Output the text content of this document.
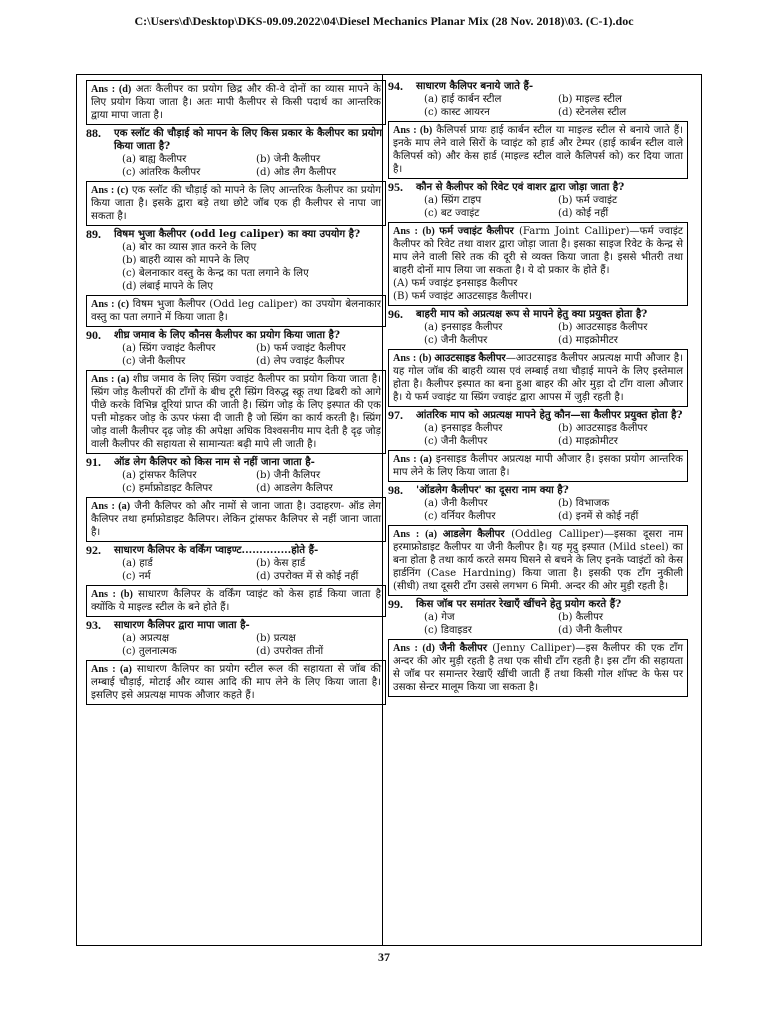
C:\Users\d\Desktop\DKS-09.09.2022\04\Diesel Mechanics Planar Mix (28 Nov. 2018)\03. (C-1).doc
Ans : (d) अतः कैलीपर का प्रयोग छिद्र और की-वे दोनों का व्यास मापने के लिए प्रयोग किया जाता है। अतः मापी कैलीपर से किसी पदार्थ का आन्तरिक द्वाया मापा जाता है।
88.	एक स्लॉट की चौड़ाई को मापन के लिए किस प्रकार के कैलीपर का प्रयोग किया जाता है?
(a) बाह्य कैलीपर	(b) जेनी कैलीपर
(c) आंतरिक कैलीपर	(d) ओड लैग कैलीपर
Ans : (c) एक स्लॉट की चौड़ाई को मापने के लिए आन्तरिक कैलीपर का प्रयोग किया जाता है। इसके द्वारा बड़े तथा छोटे जॉब एक ही कैलीपर से नापा जा सकता है।
89.	विषम भुजा कैलीपर (odd leg caliper) का क्या उपयोग है?
(a) बोर का व्यास ज्ञात करने के लिए
(b) बाहरी व्यास को मापने के लिए
(c) बेलनाकार वस्तु के केन्द्र का पता लगाने के लिए
(d) लंबाई मापने के लिए
Ans : (c) विषम भुजा कैलीपर (Odd leg caliper) का उपयोग बेलनाकार वस्तु का पता लगाने में किया जाता है।
90.	शीघ्र जमाव के लिए कौनस कैलीपर का प्रयोग किया जाता है?
(a) स्प्रिंग ज्वाइंट कैलीपर	(b) फर्म ज्वाइंट कैलीपर
(c) जेनी कैलीपर	(d) लेप ज्वाइंट कैलीपर
Ans : (a) शीघ्र जमाव के लिए स्प्रिंग ज्वाइंट कैलीपर का प्रयोग किया जाता है। स्प्रिंग जोड़ कैलीपरों की टाँगों के बीच टूरी स्प्रिंग विरुद्ध स्क्रू तथा ढिबरी को आगे पीछे करके विभिन्न दूरियां प्राप्त की जाती है। स्प्रिंग जोड़ के लिए इस्पात की एक पत्ती मोड़कर जोड़ के ऊपर फंसा दी जाती है जो स्प्रिंग का कार्य करती है। स्प्रिंग जोड़ वाली कैलीपर दृढ़ जोड़ की अपेक्षा अधिक विश्वसनीय माप देती है दृढ़ जोड़ वाली कैलीपर की सहायता से सामान्यतः बढ़ी मापे ली जाती है।
91.	ऑड लेग कैलिपर को किस नाम से नहीं जाना जाता है-
(a) ट्रांसफर कैलिपर	(b) जैनी कैलिपर
(c) हर्माफ्रोडाइट कैलिपर	(d) आडलेग कैलिपर
Ans : (a) जैनी कैलिपर को और नामों से जाना जाता है। उदाहरण- ऑड लेग कैलिपर तथा हर्माफ्रोडाइट कैलिपर। लेकिन ट्रांसफर कैलिपर से नहीं जाना जाता है।
92.	साधारण कैलिपर के वर्किंग प्वाइण्ट..............होते हैं-
(a) हार्ड	(b) केस हार्ड
(c) नर्म	(d) उपरोक्त में से कोई नहीं
Ans : (b) साधारण कैलिपर के वर्किंग प्वाइंट को केस हार्ड किया जाता है क्योंकि ये माइल्ड स्टील के बने होते हैं।
93.	साधारण कैलिपर द्वारा मापा जाता है-
(a) अप्रत्यक्ष	(b) प्रत्यक्ष
(c) तुलनात्मक	(d) उपरोक्त तीनों
Ans : (a) साधारण कैलिपर का प्रयोग स्टील रूल की सहायता से जॉब की लम्बाई चौड़ाई, मोटाई और व्यास आदि की माप लेने के लिए किया जाता है। इसलिए इसे अप्रत्यक्ष मापक औजार कहते हैं।
94.	साधारण कैलिपर बनाये जाते हैं-
(a) हाई कार्बन स्टील	(b) माइल्ड स्टील
(c) कास्ट आयरन	(d) स्टेनलेस स्टील
Ans : (b) कैलिपर्स प्रायः हाई कार्बन स्टील या माइल्ड स्टील से बनाये जाते हैं। इनके माप लेने वाले सिरों के प्वाइंट को हार्ड और टेम्पर (हाई कार्बन स्टील वाले कैलिपर्स को) और केस हार्ड (माइल्ड स्टील वाले कैलिपर्स को) कर दिया जाता है।
95.	कौन से कैलीपर को रिवेट एवं वाशर द्वारा जोड़ा जाता है?
(a) स्प्रिंग टाइप	(b) फर्म ज्वाइंट
(c) बट ज्वाइंट	(d) कोई नहीं
Ans : (b) फर्म ज्वाइंट कैलीपर (Farm Joint Calliper)—फर्म ज्वाइंट कैलीपर को रिवेट तथा वाशर द्वारा जोड़ा जाता है। इसका साइज रिवेट के केन्द्र से माप लेने वाली सिरे तक की दूरी से व्यक्त किया जाता है। इससे भीतरी तथा बाहरी दोनों माप लिया जा सकता है। ये दो प्रकार के होते हैं।
(A) फर्म ज्वाइंट इनसाइड कैलीपर
(B) फर्म ज्वाइंट आउटसाइड कैलीपर।
96.	बाहरी माप को अप्रत्यक्ष रूप से मापने हेतु क्या प्रयुक्त होता है?
(a) इनसाइड कैलीपर	(b) आउटसाइड कैलीपर
(c) जैनी कैलीपर	(d) माइक्रोमीटर
Ans : (b) आउटसाइड कैलीपर—आउटसाइड कैलीपर अप्रत्यक्ष मापी औजार है। यह गोल जॉब की बाहरी व्यास एवं लम्बाई तथा चौड़ाई मापने के लिए इस्तेमाल होता है। कैलीपर इस्पात का बना हुआ बाहर की ओर मुड़ा दो टाँग वाला औजार है। ये फर्म ज्वाइंट या स्प्रिंग ज्वाइंट द्वारा आपस में जुड़ी रहती है।
97.	आंतरिक माप को अप्रत्यक्ष मापने हेतु कौन—सा कैलीपर प्रयुक्त होता है?
(a) इनसाइड कैलीपर	(b) आउटसाइड कैलीपर
(c) जैनी कैलीपर	(d) माइक्रोमीटर
Ans : (a) इनसाइड कैलीपर अप्रत्यक्ष मापी औजार है। इसका प्रयोग आन्तरिक माप लेने के लिए किया जाता है।
98.	'ऑडलेग कैलीपर' का दूसरा नाम क्या है?
(a) जैनी कैलीपर	(b) विभाजक
(c) वर्नियर कैलीपर	(d) इनमें से कोई नहीं
Ans : (a) आडलेग कैलीपर (Oddleg Calliper)—इसका दूसरा नाम हरमाफ्रोडाइट कैलीपर या जैनी कैलीपर है। यह मृदु इस्पात (Mild steel) का बना होता है तथा कार्य करते समय घिसने से बचने के लिए इनके प्वाइंटों को केस हार्डनिंग (Case Hardning) किया जाता है। इसकी एक टाँग नुकीली (सीधी) तथा दूसरी टाँग उससे लगभग 6 मिमी. अन्दर की ओर मुड़ी रहती है।
99.	किस जॉब पर समांतर रेखाएँ खींचने हेतु प्रयोग करते हैं?
(a) गेज	(b) कैलीपर
(c) डिवाइडर	(d) जैनी कैलीपर
Ans : (d) जैनी कैलीपर (Jenny Calliper)—इस कैलीपर की एक टाँग अन्दर की ओर मुड़ी रहती है तथा एक सीधी टाँग रहती है। इस टाँग की सहायता से जॉब पर समान्तर रेखाएँ खींची जाती हैं तथा किसी गोल शॉफ्ट के फेस पर उसका सेन्टर मालूम किया जा सकता है।
37
